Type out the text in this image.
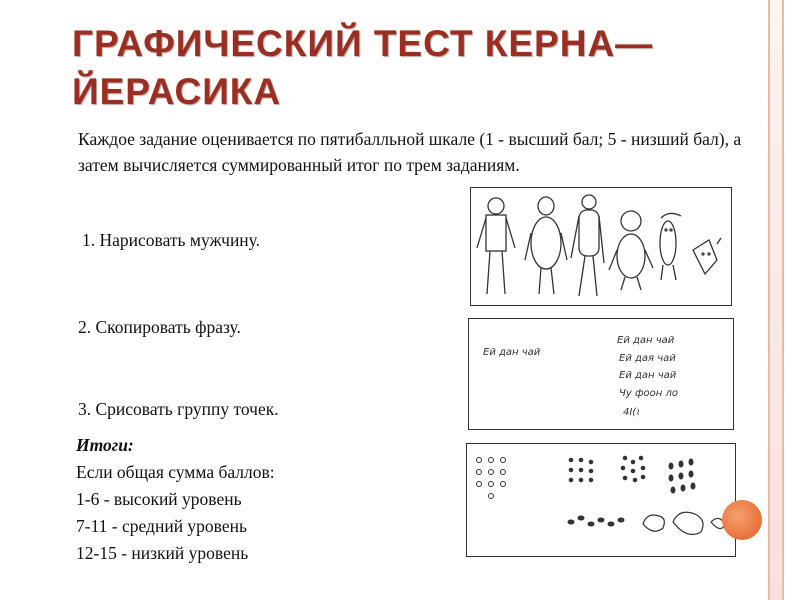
ГРАФИЧЕСКИЙ ТЕСТ КЕРНА—ЙЕРАСИКА

Каждое задание оценивается по пятибалльной шкале (1 - высший бал; 5 - низший бал), а затем вычисляется суммированный итог по трем заданиям.

1. Нарисовать мужчину.

2. Скопировать фразу.

3. Срисовать группу точек.

Итоги:
Если общая сумма баллов:
1-6 - высокий уровень
7-11 - средний уровень
12-15 - низкий уровень
Ей дан чай
Ей дан чай
Ей дая чай
Ей дан чай
Чу фоон ло
4І(≀
